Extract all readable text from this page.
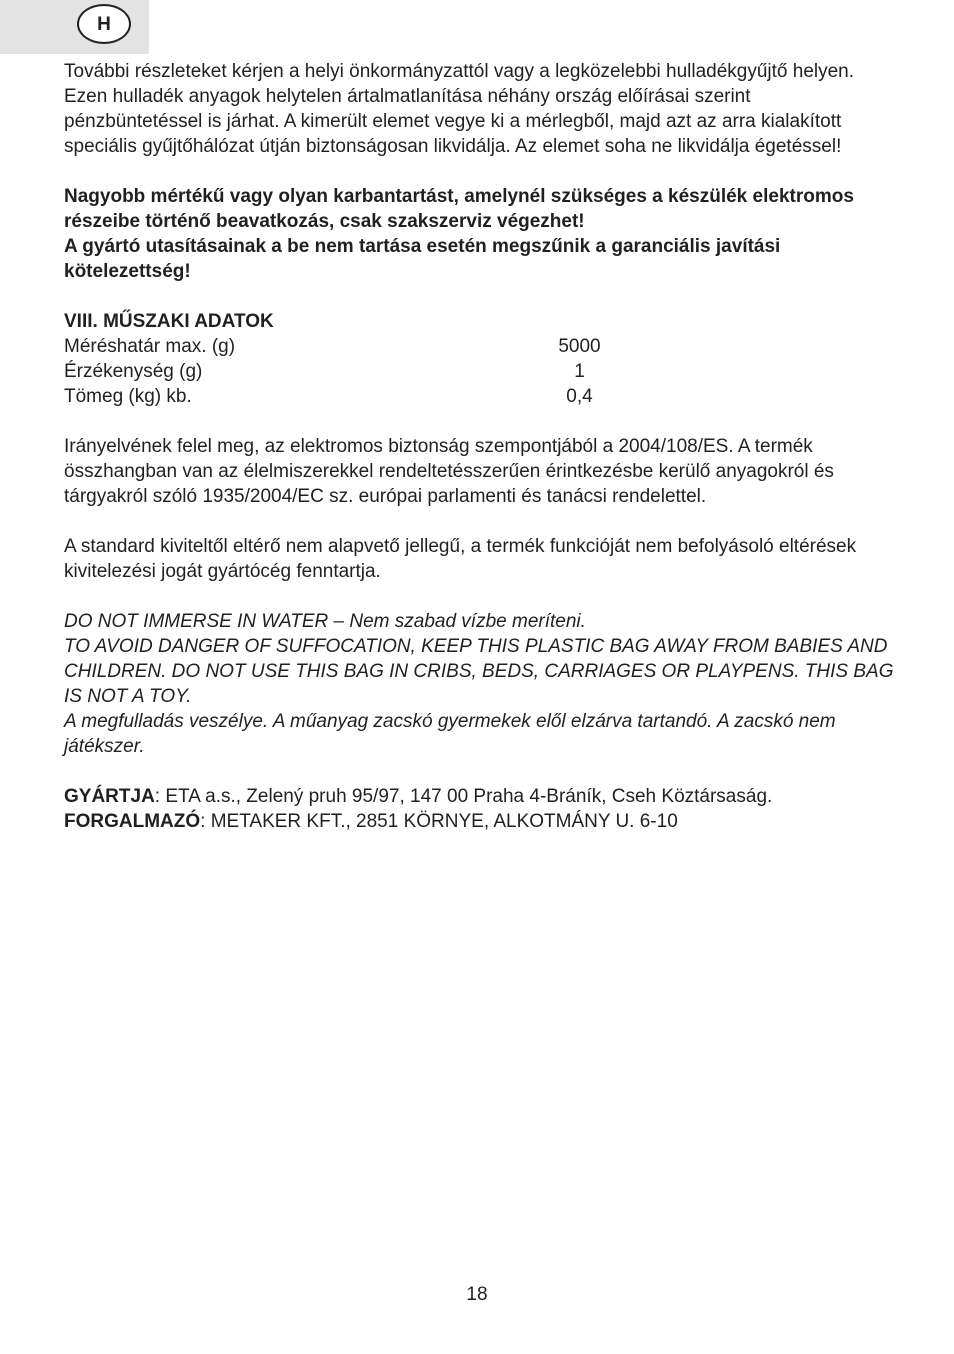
H

További részleteket kérjen a helyi önkormányzattól vagy a legközelebbi hulladékgyűjtő helyen. Ezen hulladék anyagok helytelen ártalmatlanítása néhány ország előírásai szerint pénzbüntetéssel is járhat. A kimerült elemet vegye ki a mérlegből, majd azt az arra kialakított speciális gyűjtőhálózat útján biztonságosan likvidálja. Az elemet soha ne likvidálja égetéssel!

Nagyobb mértékű vagy olyan karbantartást, amelynél szükséges a készülék elektromos részeibe történő beavatkozás, csak szakszerviz végezhet!
A gyártó utasításainak a be nem tartása esetén megszűnik a garanciális javítási kötelezettség!

VIII. MŰSZAKI ADATOK
Méréshatár max. (g)	5000
Érzékenység (g)	1
Tömeg (kg) kb.	0,4

Irányelvének felel meg, az elektromos biztonság szempontjából a 2004/108/ES. A termék összhangban van az élelmiszerekkel rendeltetésszerűen érintkezésbe kerülő anyagokról és tárgyakról szóló 1935/2004/EC sz. európai parlamenti és tanácsi rendelettel.

A standard kiviteltől eltérő nem alapvető jellegű, a termék funkcióját nem befolyásoló eltérések kivitelezési jogát gyártócég fenntartja.

DO NOT IMMERSE IN WATER – Nem szabad vízbe meríteni.
TO AVOID DANGER OF SUFFOCATION, KEEP THIS PLASTIC BAG AWAY FROM BABIES AND CHILDREN. DO NOT USE THIS BAG IN CRIBS, BEDS, CARRIAGES OR PLAYPENS. THIS BAG IS NOT A TOY.
A megfulladás veszélye. A műanyag zacskó gyermekek elől elzárva tartandó. A zacskó nem játékszer.

GYÁRTJA: ETA a.s., Zelený pruh 95/97, 147 00 Praha 4-Bráník, Cseh Köztársaság.
FORGALMAZÓ: METAKER KFT., 2851 KÖRNYE, ALKOTMÁNY U. 6-10
18
